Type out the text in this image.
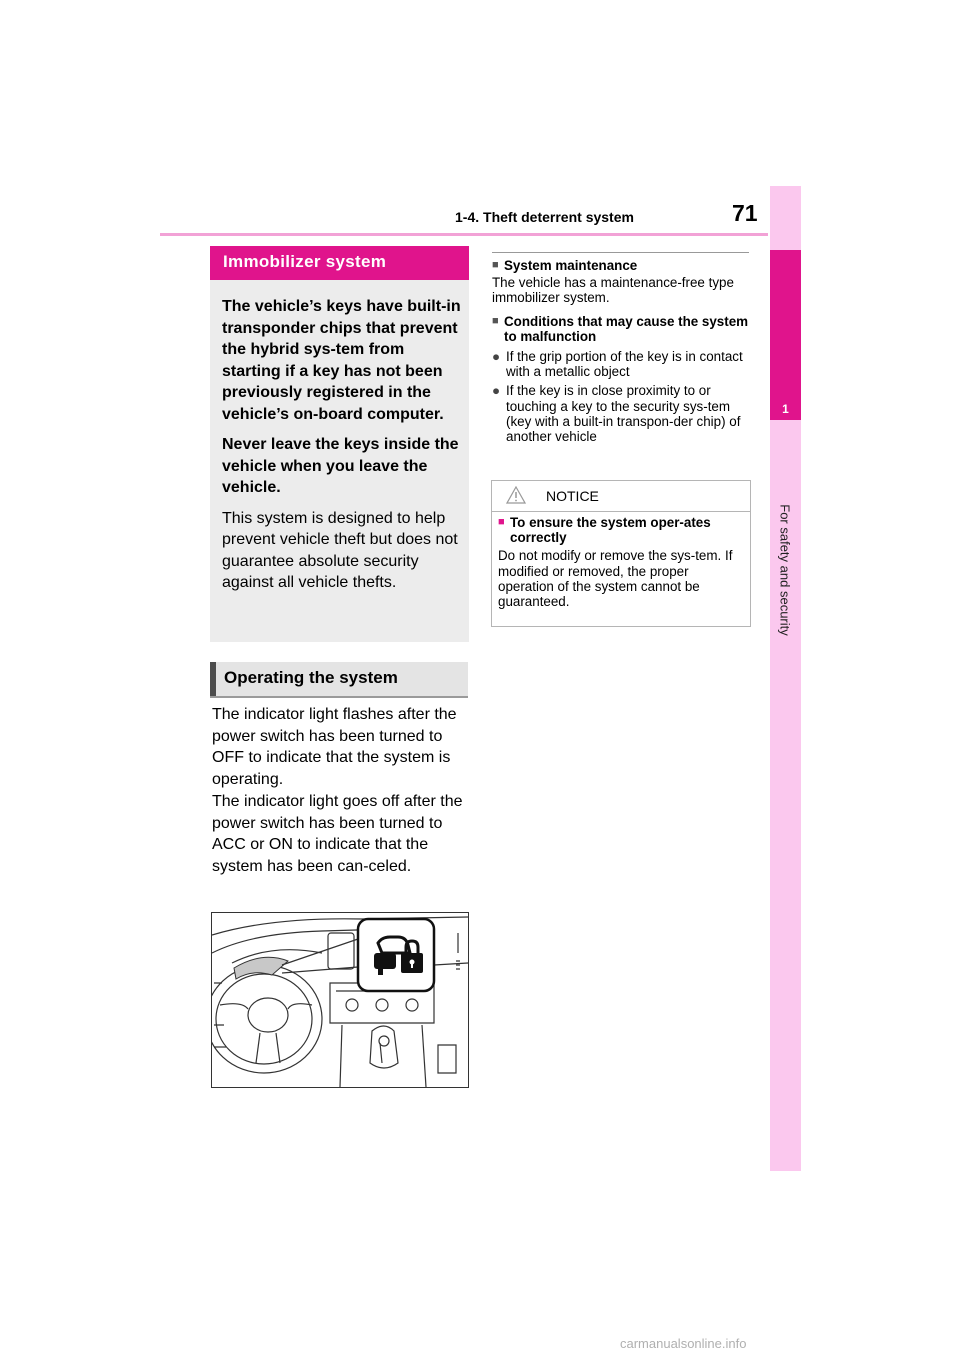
1-4. Theft deterrent system	71
1
For safety and security
Immobilizer system

The vehicle’s keys have built-in transponder chips that prevent the hybrid sys-tem from starting if a key has not been previously registered in the vehicle’s on-board computer.

Never leave the keys inside the vehicle when you leave the vehicle.

This system is designed to help prevent vehicle theft but does not guarantee absolute security against all vehicle thefts.

Operating the system

The indicator light flashes after the power switch has been turned to OFF to indicate that the system is operating.

The indicator light goes off after the power switch has been turned to ACC or ON to indicate that the system has been can-celed.

■ System maintenance

The vehicle has a maintenance-free type immobilizer system.

■ Conditions that may cause the system to malfunction

● If the grip portion of the key is in contact with a metallic object
● If the key is in close proximity to or touching a key to the security sys-tem (key with a built-in transpon-der chip) of another vehicle
NOTICE

■ To ensure the system oper-ates correctly

Do not modify or remove the sys-tem. If modified or removed, the proper operation of the system cannot be guaranteed.

carmanualsonline.info
